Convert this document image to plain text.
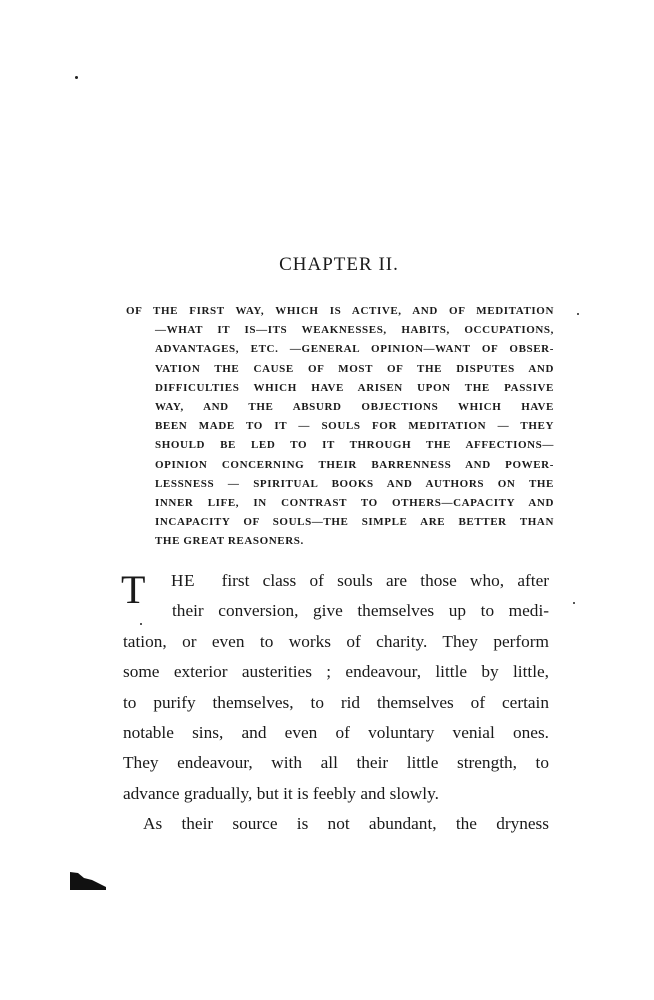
CHAPTER II.
OF THE FIRST WAY, WHICH IS ACTIVE, AND OF MEDITATION
—WHAT IT IS—ITS WEAKNESSES, HABITS, OCCUPATIONS,
ADVANTAGES, ETC. —GENERAL OPINION—WANT OF OBSER-
VATION THE CAUSE OF MOST OF THE DISPUTES AND
DIFFICULTIES WHICH HAVE ARISEN UPON THE PASSIVE
WAY, AND THE ABSURD OBJECTIONS WHICH HAVE
BEEN MADE TO IT — SOULS FOR MEDITATION — THEY
SHOULD BE LED TO IT THROUGH THE AFFECTIONS—
OPINION CONCERNING THEIR BARRENNESS AND POWER-
LESSNESS — SPIRITUAL BOOKS AND AUTHORS ON THE
INNER LIFE, IN CONTRAST TO OTHERS—CAPACITY AND
INCAPACITY OF SOULS—THE SIMPLE ARE BETTER THAN
THE GREAT REASONERS.
T	HE first class of souls are those who, after
their conversion, give themselves up to medi-
tation, or even to works of charity. They perform
some exterior austerities ; endeavour, little by little,
to purify themselves, to rid themselves of certain
notable sins, and even of voluntary venial ones.
They endeavour, with all their little strength, to
advance gradually, but it is feebly and slowly.
As their source is not abundant, the dryness
